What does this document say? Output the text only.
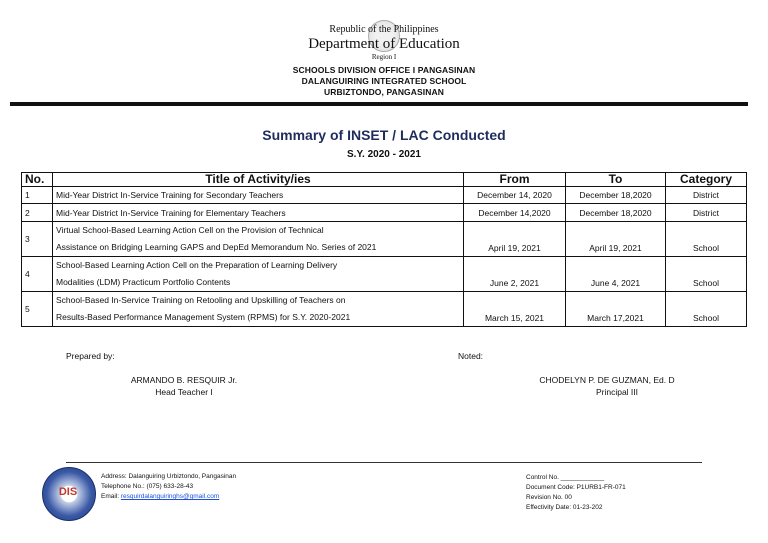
Republic of the Philippines
Department of Education
Region I
SCHOOLS DIVISION OFFICE I PANGASINAN
DALANGUIRING INTEGRATED SCHOOL
URBIZTONDO, PANGASINAN
Summary of INSET / LAC Conducted
S.Y. 2020 - 2021
No.	Title of Activity/ies	From	To	Category
1	Mid-Year District In-Service Training for Secondary Teachers	December 14, 2020	December 18,2020	District
2	Mid-Year District In-Service Training for Elementary Teachers	December 14,2020	December 18,2020	District
3	Virtual School-Based Learning Action Cell on the Provision of Technical
Assistance on Bridging Learning GAPS and DepEd Memorandum No. Series of 2021	April 19, 2021	April 19, 2021	School
4	School-Based Learning Action Cell on the Preparation of Learning Delivery
Modalities (LDM) Practicum Portfolio Contents	June 2, 2021	June 4, 2021	School
5	School-Based In-Service Training on Retooling and Upskilling of Teachers on
Results-Based Performance Management System (RPMS) for S.Y. 2020-2021	March 15, 2021	March 17,2021	School
Prepared by:
ARMANDO B. RESQUIR Jr.
Head Teacher I
Noted:
CHODELYN P. DE GUZMAN, Ed. D
Principal III
DIS
Address: Dalanguiring Urbiztondo, Pangasinan
Telephone No.: (075) 633-28-43
Email: resquirdalanguiringhs@gmail.com
Control No. ____________
Document Code: P1URB1-FR-071
Revision No. 00
Effectivity Date: 01-23-202
